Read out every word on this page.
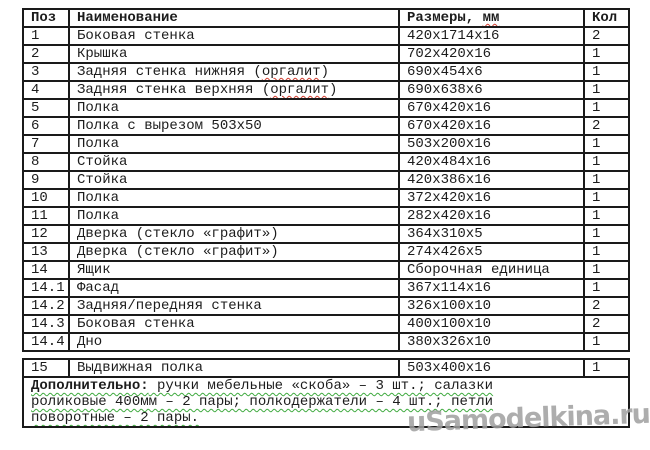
Поз	Наименование	Размеры, мм	Кол
1	Боковая стенка	420x1714x16	2
2	Крышка	702x420x16	1
3	Задняя стенка нижняя (оргалит)	690x454x6	1
4	Задняя стенка верхняя (оргалит)	690x638x6	1
5	Полка	670x420x16	1
6	Полка с вырезом 503x50	670x420x16	2
7	Полка	503x200x16	1
8	Стойка	420x484x16	1
9	Стойка	420x386x16	1
10	Полка	372x420x16	1
11	Полка	282x420x16	1
12	Дверка (стекло «графит»)	364x310x5	1
13	Дверка (стекло «графит»)	274x426x5	1
14	Ящик	Сборочная единица	1
14.1	Фасад	367x114x16	1
14.2	Задняя/передняя стенка	326x100x10	2
14.3	Боковая стенка	400x100x10	2
14.4	Дно	380x326x10	1
15	Выдвижная полка	503x400x16	1

Дополнительно: ручки мебельные «скоба» – 3 шт.; салазки
роликовые 400мм – 2 пары; полкодержатели – 4 шт.; петли
поворотные – 2 пары.	uSamodelkina.ru
